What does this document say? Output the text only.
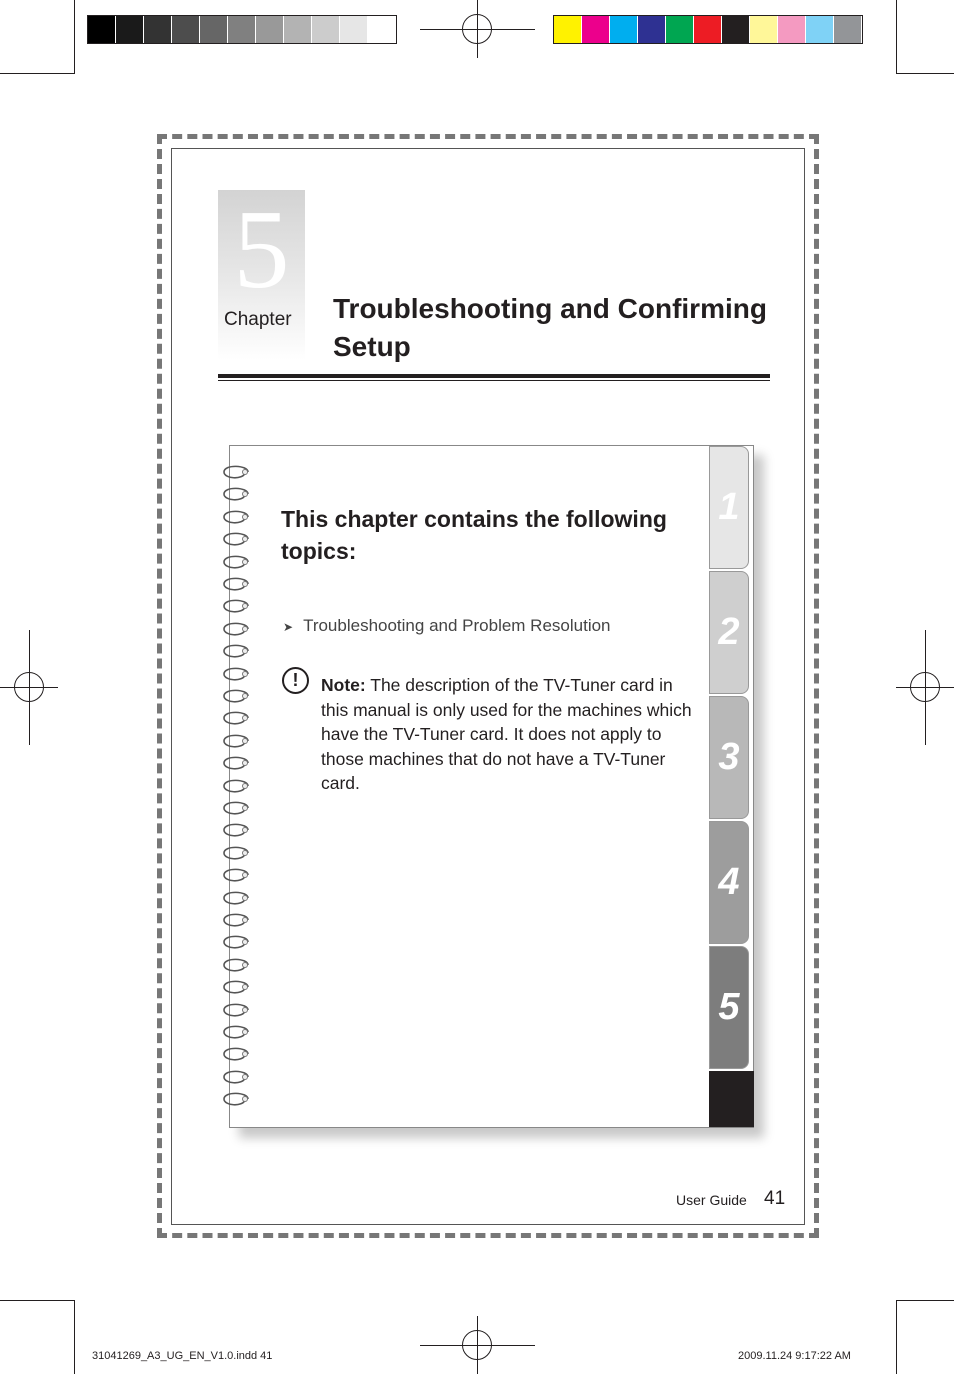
5
Chapter Troubleshooting and Confirming Setup
1
2
3
4
5
This chapter contains the following topics:
➤ Troubleshooting and Problem Resolution
!	Note: The description of the TV-Tuner card in this manual is only used for the machines which have the TV-Tuner card. It does not apply to those machines that do not have a TV-Tuner card.
User Guide 41
31041269_A3_UG_EN_V1.0.indd 41	2009.11.24 9:17:22 AM
